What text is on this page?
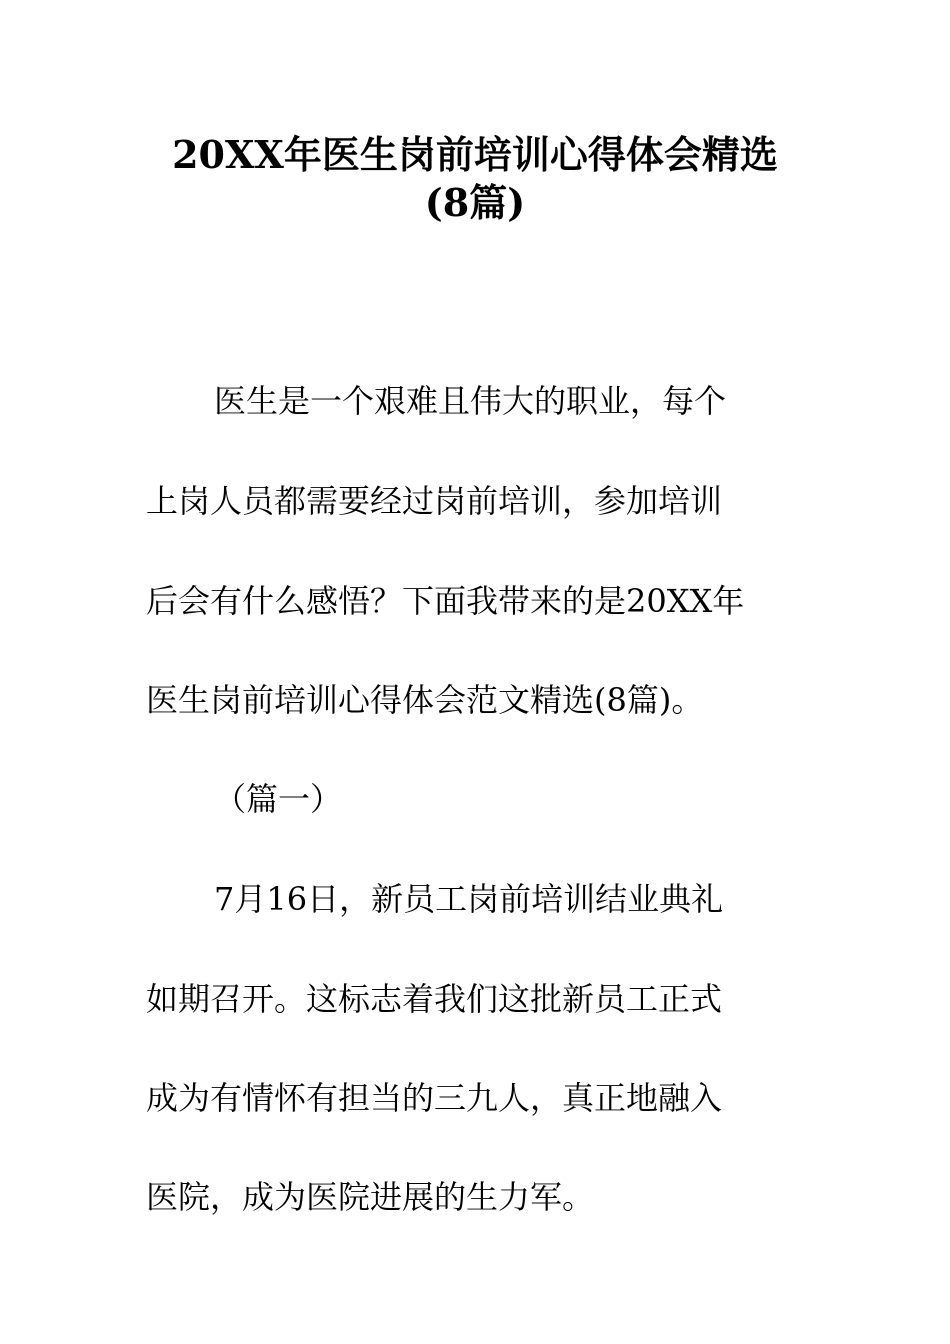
20XX年医生岗前培训心得体会精选
(8篇)
医生是一个艰难且伟大的职业，每个
上岗人员都需要经过岗前培训，参加培训
后会有什么感悟？下面我带来的是20XX年
医生岗前培训心得体会范文精选(8篇)。
（篇一）
7月16日，新员工岗前培训结业典礼
如期召开。这标志着我们这批新员工正式
成为有情怀有担当的三九人，真正地融入
医院，成为医院进展的生力军。
